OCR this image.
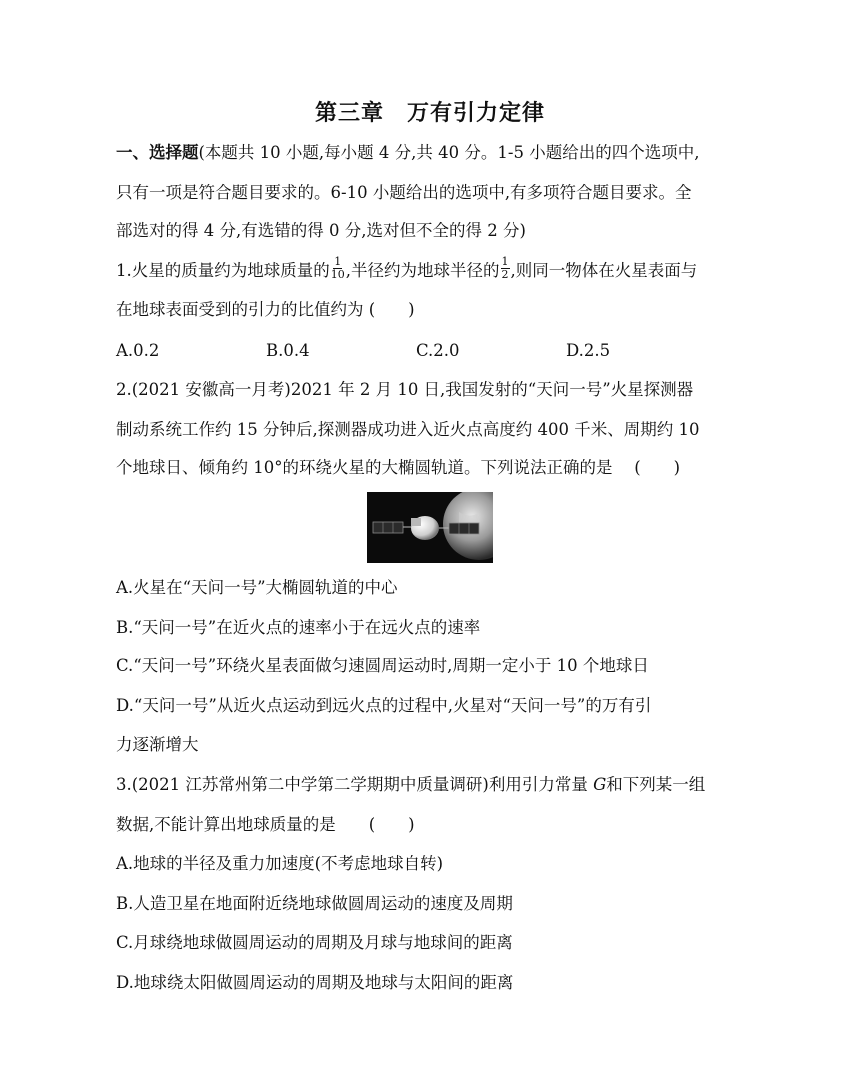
第三章　万有引力定律
一、选择题(本题共 10 小题,每小题 4 分,共 40 分。1-5 小题给出的四个选项中,
只有一项是符合题目要求的。6-10 小题给出的选项中,有多项符合题目要求。全
部选对的得 4 分,有选错的得 0 分,选对但不全的得 2 分)
1.火星的质量约为地球质量的 $\frac{1}{10}$ ,半径约为地球半径的 $\frac{1}{2}$ ,则同一物体在火星表面与
在地球表面受到的引力的比值约为 (　　)
A.0.2	B.0.4	C.2.0	D.2.5
2.(2021 安徽高一月考)2021 年 2 月 10 日,我国发射的“天问一号”火星探测器
制动系统工作约 15 分钟后,探测器成功进入近火点高度约 400 千米、周期约 10
个地球日、倾角约 10°的环绕火星的大椭圆轨道。下列说法正确的是　 (　　)
A.火星在“天问一号”大椭圆轨道的中心
B.“天问一号”在近火点的速率小于在远火点的速率
C.“天问一号”环绕火星表面做匀速圆周运动时,周期一定小于 10 个地球日
D.“天问一号”从近火点运动到远火点的过程中,火星对“天问一号”的万有引
力逐渐增大
3.(2021 江苏常州第二中学第二学期期中质量调研)利用引力常量 G和下列某一组
数据,不能计算出地球质量的是　　(　　)
A.地球的半径及重力加速度(不考虑地球自转)
B.人造卫星在地面附近绕地球做圆周运动的速度及周期
C.月球绕地球做圆周运动的周期及月球与地球间的距离
D.地球绕太阳做圆周运动的周期及地球与太阳间的距离
